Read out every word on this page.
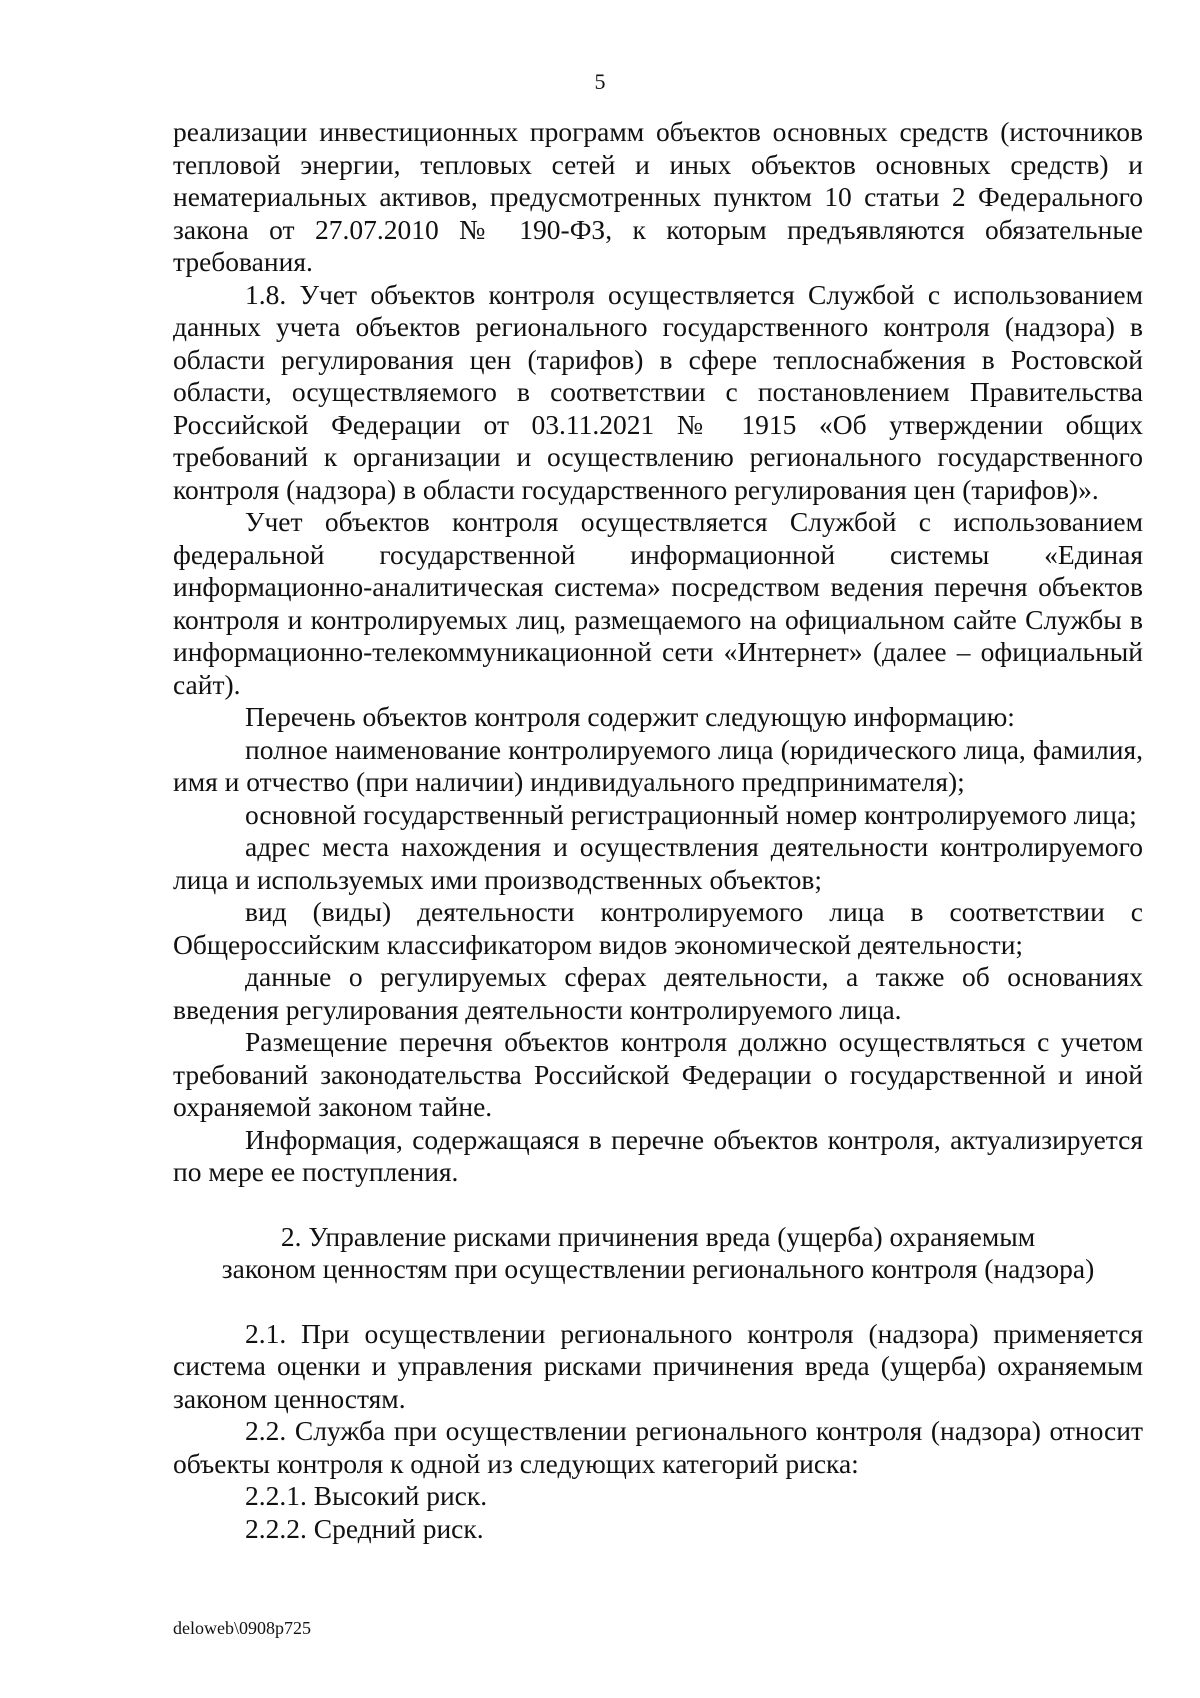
5

реализации инвестиционных программ объектов основных средств (источников тепловой энергии, тепловых сетей и иных объектов основных средств) и нематериальных активов, предусмотренных пунктом 10 статьи 2 Федерального закона от 27.07.2010 № 190-ФЗ, к которым предъявляются обязательные требования.

1.8. Учет объектов контроля осуществляется Службой с использованием данных учета объектов регионального государственного контроля (надзора) в области регулирования цен (тарифов) в сфере теплоснабжения в Ростовской области, осуществляемого в соответствии с постановлением Правительства Российской Федерации от 03.11.2021 № 1915 «Об утверждении общих требований к организации и осуществлению регионального государственного контроля (надзора) в области государственного регулирования цен (тарифов)».

Учет объектов контроля осуществляется Службой с использованием федеральной государственной информационной системы «Единая информационно-аналитическая система» посредством ведения перечня объектов контроля и контролируемых лиц, размещаемого на официальном сайте Службы в информационно-телекоммуникационной сети «Интернет» (далее – официальный сайт).

Перечень объектов контроля содержит следующую информацию:

полное наименование контролируемого лица (юридического лица, фамилия, имя и отчество (при наличии) индивидуального предпринимателя);

основной государственный регистрационный номер контролируемого лица;

адрес места нахождения и осуществления деятельности контролируемого лица и используемых ими производственных объектов;

вид (виды) деятельности контролируемого лица в соответствии с Общероссийским классификатором видов экономической деятельности;

данные о регулируемых сферах деятельности, а также об основаниях введения регулирования деятельности контролируемого лица.

Размещение перечня объектов контроля должно осуществляться с учетом требований законодательства Российской Федерации о государственной и иной охраняемой законом тайне.

Информация, содержащаяся в перечне объектов контроля, актуализируется по мере ее поступления.

2. Управление рисками причинения вреда (ущерба) охраняемым
законом ценностям при осуществлении регионального контроля (надзора)

2.1. При осуществлении регионального контроля (надзора) применяется система оценки и управления рисками причинения вреда (ущерба) охраняемым законом ценностям.

2.2. Служба при осуществлении регионального контроля (надзора) относит объекты контроля к одной из следующих категорий риска:

2.2.1. Высокий риск.

2.2.2. Средний риск.

deloweb\0908p725
